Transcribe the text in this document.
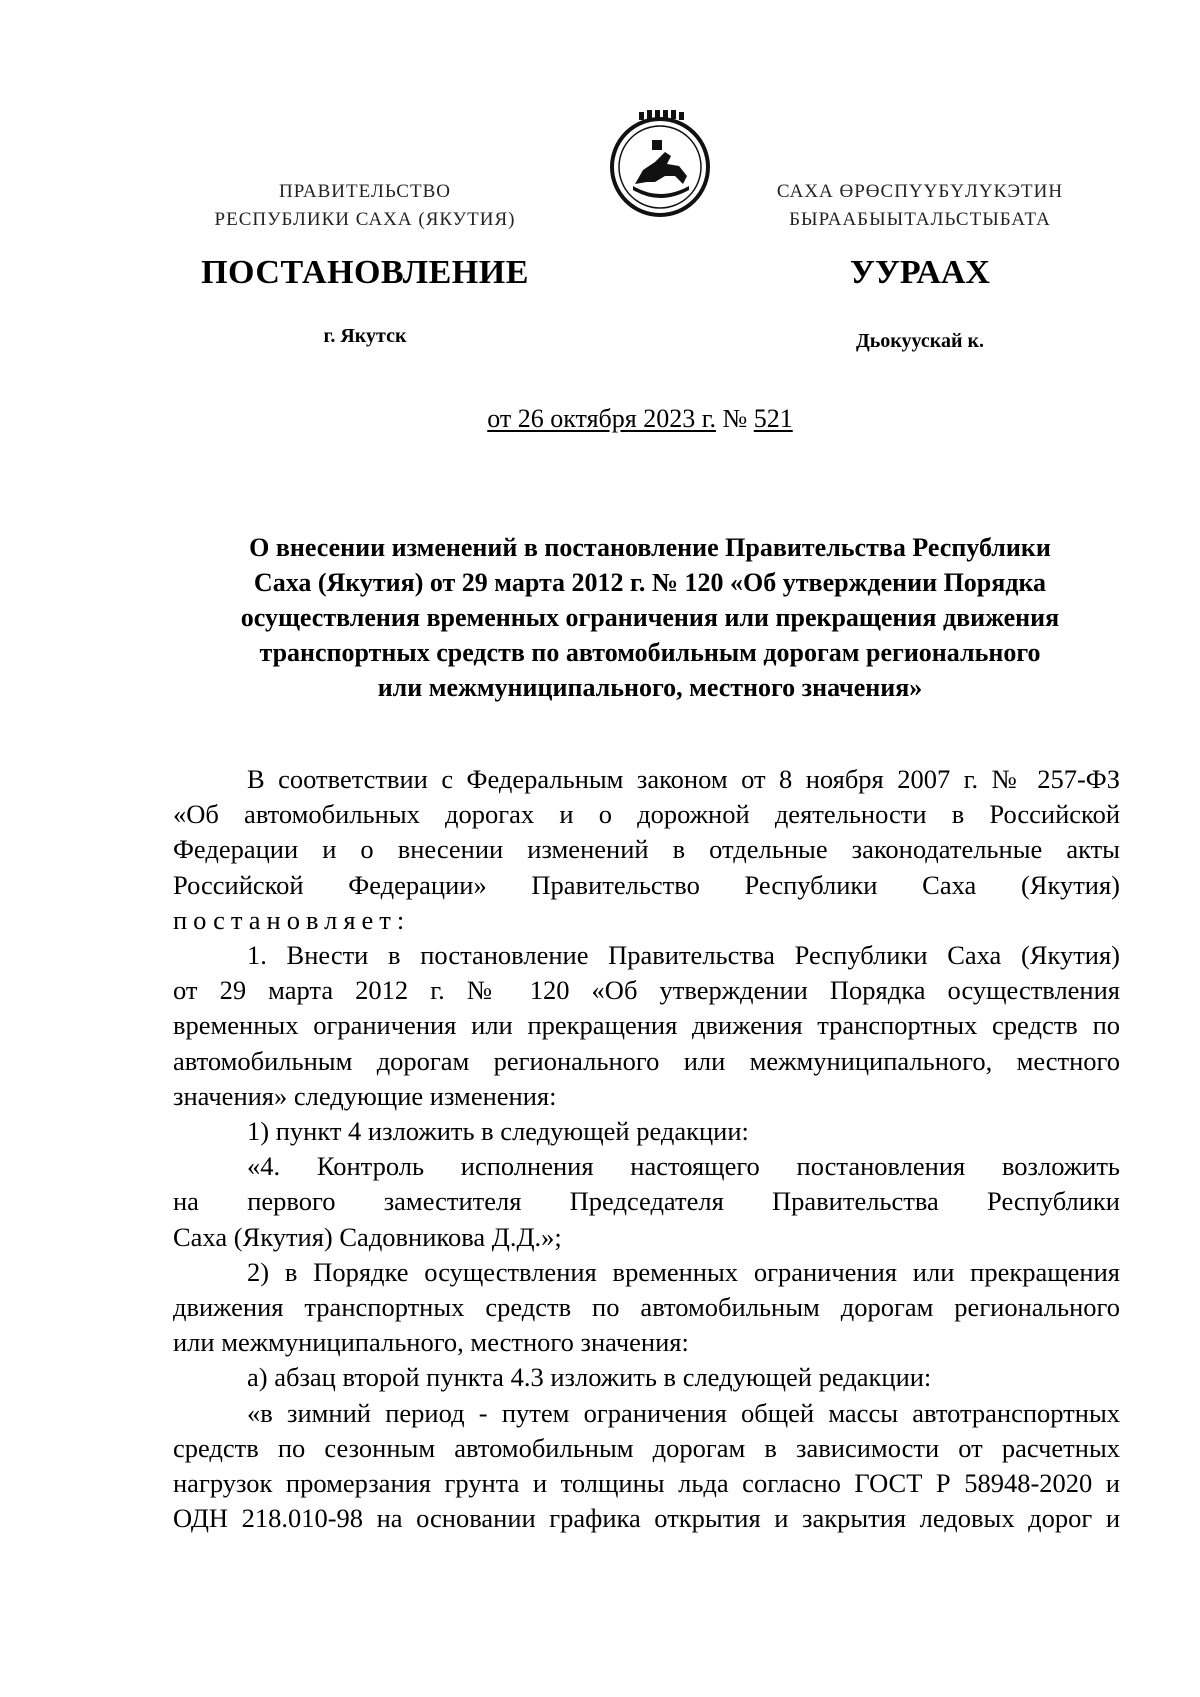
ПРАВИТЕЛЬСТВО
РЕСПУБЛИКИ САХА (ЯКУТИЯ)
САХА ӨРӨСПҮҮБҮЛҮКЭТИН
БЫРААБЫЫТАЛЬСТЫБАТА
ПОСТАНОВЛЕНИЕ	УУРААХ
г. Якутск	Дьокуускай к.
от 26 октября 2023 г. № 521
О внесении изменений в постановление Правительства Республики
Саха (Якутия) от 29 марта 2012 г. № 120 «Об утверждении Порядка
осуществления временных ограничения или прекращения движения
транспортных средств по автомобильным дорогам регионального
или межмуниципального, местного значения»
В соответствии с Федеральным законом от 8 ноября 2007 г. № 257-ФЗ
«Об автомобильных дорогах и о дорожной деятельности в Российской
Федерации и о внесении изменений в отдельные законодательные акты
Российской Федерации» Правительство Республики Саха (Якутия)
постановляет:
1. Внести в постановление Правительства Республики Саха (Якутия)
от 29 марта 2012 г. № 120 «Об утверждении Порядка осуществления
временных ограничения или прекращения движения транспортных средств по
автомобильным дорогам регионального или межмуниципального, местного
значения» следующие изменения:
1) пункт 4 изложить в следующей редакции:
«4. Контроль исполнения настоящего постановления возложить
на первого заместителя Председателя Правительства Республики
Саха (Якутия) Садовникова Д.Д.»;
2) в Порядке осуществления временных ограничения или прекращения
движения транспортных средств по автомобильным дорогам регионального
или межмуниципального, местного значения:
а) абзац второй пункта 4.3 изложить в следующей редакции:
«в зимний период - путем ограничения общей массы автотранспортных
средств по сезонным автомобильным дорогам в зависимости от расчетных
нагрузок промерзания грунта и толщины льда согласно ГОСТ Р 58948-2020 и
ОДН 218.010-98 на основании графика открытия и закрытия ледовых дорог и
